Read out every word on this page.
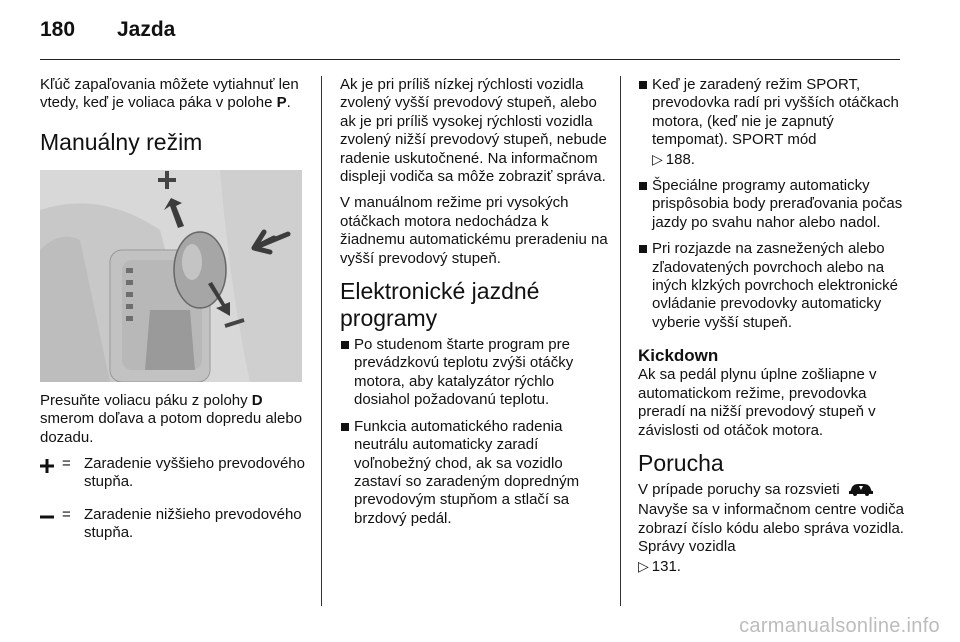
180 Jazda

Kľúč zapaľovania môžete vytiahnuť len vtedy, keď je voliaca páka v polohe P.

Manuálny režim

Presuňte voliacu páku z polohy D smerom doľava a potom dopredu alebo dozadu.

= Zaradenie vyššieho prevodového stupňa.
= Zaradenie nižšieho prevodového stupňa.

Ak je pri príliš nízkej rýchlosti vozidla zvolený vyšší prevodový stupeň, alebo ak je pri príliš vysokej rýchlosti vozidla zvolený nižší prevodový stupeň, nebude radenie uskutočnené. Na informačnom displeji vodiča sa môže zobraziť správa.

V manuálnom režime pri vysokých otáčkach motora nedochádza k žiadnemu automatickému preradeniu na vyšší prevodový stupeň.

Elektronické jazdné programy
Po studenom štarte program pre prevádzkovú teplotu zvýši otáčky motora, aby katalyzátor rýchlo dosiahol požadovanú teplotu.
Funkcia automatického radenia neutrálu automaticky zaradí voľnobežný chod, ak sa vozidlo zastaví so zaradeným dopredným prevodovým stupňom a stlačí sa brzdový pedál.
Keď je zaradený režim SPORT, prevodovka radí pri vyšších otáčkach motora, (keď nie je zapnutý tempomat). SPORT mód
▷ 188.
Špeciálne programy automaticky prispôsobia body preraďovania počas jazdy po svahu nahor alebo nadol.
Pri rozjazde na zasnežených alebo zľadovatených povrchoch alebo na iných klzkých povrchoch elektronické ovládanie prevodovky automaticky vyberie vyšší stupeň.
Kickdown

Ak sa pedál plynu úplne zošliapne v automatickom režime, prevodovka preradí na nižší prevodový stupeň v závislosti od otáčok motora.

Porucha

V prípade poruchy sa rozsvieti
Navyše sa v informačnom centre vodiča zobrazí číslo kódu alebo správa vozidla. Správy vozidla
▷ 131.

carmanualsonline.info
